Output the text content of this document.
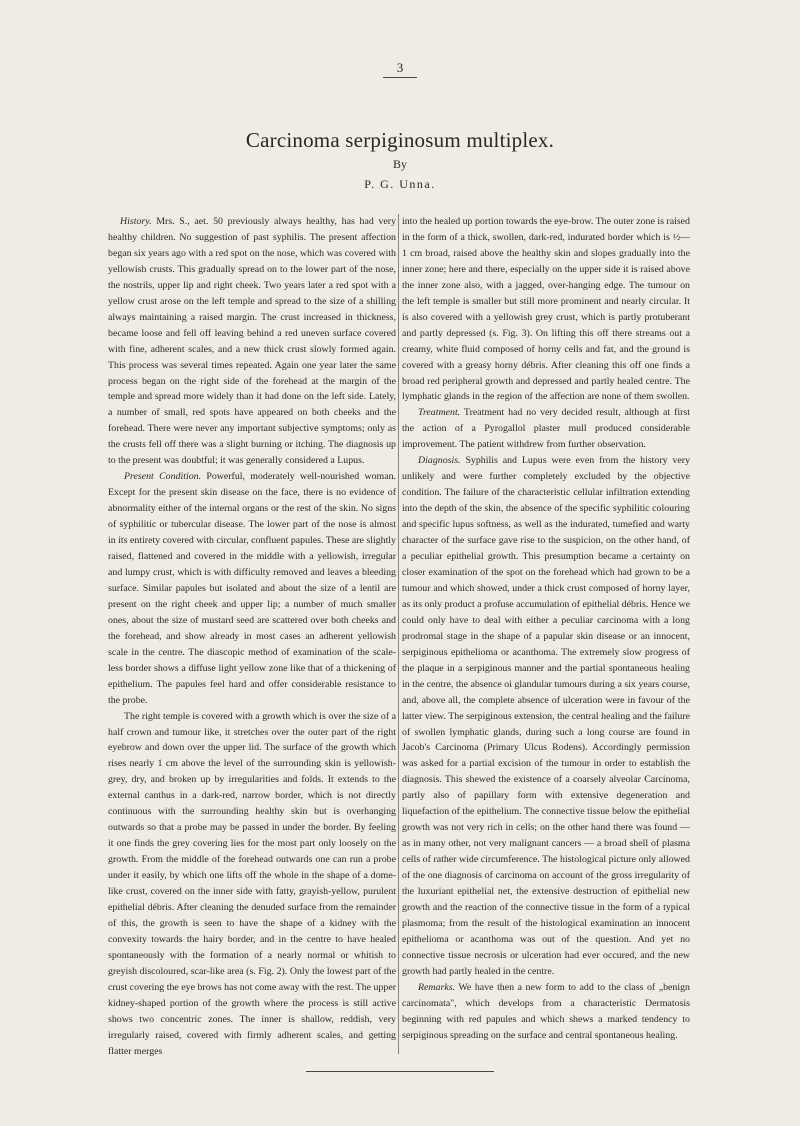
3
Carcinoma serpiginosum multiplex.
By
P. G. Unna.

History. Mrs. S., aet. 50 previously always healthy, has had very healthy children. No suggestion of past syphilis. The present affection began six years ago with a red spot on the nose, which was covered with yellowish crusts. This gradually spread on to the lower part of the nose, the nostrils, upper lip and right cheek. Two years later a red spot with a yellow crust arose on the left temple and spread to the size of a shilling always maintaining a raised margin. The crust increased in thickness, became loose and fell off leaving behind a red uneven surface covered with fine, adherent scales, and a new thick crust slowly formed again. This process was several times repeated. Again one year later the same process began on the right side of the forehead at the margin of the temple and spread more widely than it had done on the left side. Lately, a number of small, red spots have appeared on both cheeks and the forehead. There were never any important subjective symptoms; only as the crusts fell off there was a slight burning or itching. The diagnosis up to the present was doubtful; it was generally considered a Lupus.

Present Condition. Powerful, moderately well-nourished woman. Except for the present skin disease on the face, there is no evidence of abnormality either of the internal organs or the rest of the skin. No signs of syphilitic or tubercular disease. The lower part of the nose is almost in its entirety covered with circular, confluent papules. These are slightly raised, flattened and covered in the middle with a yellowish, irregular and lumpy crust, which is with difficulty removed and leaves a bleeding surface. Similar papules but isolated and about the size of a lentil are present on the right cheek and upper lip; a number of much smaller ones, about the size of mustard seed are scattered over both cheeks and the forehead, and show already in most cases an adherent yellowish scale in the centre. The diascopic method of examination of the scale-less border shows a diffuse light yellow zone like that of a thickening of epithelium. The papules feel hard and offer considerable resistance to the probe.

The right temple is covered with a growth which is over the size of a half crown and tumour like, it stretches over the outer part of the right eyebrow and down over the upper lid. The surface of the growth which rises nearly 1 cm above the level of the surrounding skin is yellowish-grey, dry, and broken up by irregularities and folds. It extends to the external canthus in a dark-red, narrow border, which is not directly continuous with the surrounding healthy skin but is overhanging outwards so that a probe may be passed in under the border. By feeling it one finds the grey covering lies for the most part only loosely on the growth. From the middle of the forehead outwards one can run a probe under it easily, by which one lifts off the whole in the shape of a dome-like crust, covered on the inner side with fatty, grayish-yellow, purulent epithelial débris. After cleaning the denuded surface from the remainder of this, the growth is seen to have the shape of a kidney with the convexity towards the hairy border, and in the centre to have healed spontaneously with the formation of a nearly normal or whitish to greyish discoloured, scar-like area (s. Fig. 2). Only the lowest part of the crust covering the eye brows has not come away with the rest. The upper kidney-shaped portion of the growth where the process is still active shows two concentric zones. The inner is shallow, reddish, very irregularly raised, covered with firmly adherent scales, and getting flatter merges

into the healed up portion towards the eye-brow. The outer zone is raised in the form of a thick, swollen, dark-red, indurated border which is ½—1 cm broad, raised above the healthy skin and slopes gradually into the inner zone; here and there, especially on the upper side it is raised above the inner zone also, with a jagged, over-hanging edge. The tumour on the left temple is smaller but still more prominent and nearly circular. It is also covered with a yellowish grey crust, which is partly protuberant and partly depressed (s. Fig. 3). On lifting this off there streams out a creamy, white fluid composed of horny cells and fat, and the ground is covered with a greasy horny débris. After cleaning this off one finds a broad red peripheral growth and depressed and partly healed centre. The lymphatic glands in the region of the affection are none of them swollen.

Treatment. Treatment had no very decided result, although at first the action of a Pyrogallol plaster mull produced considerable improvement. The patient withdrew from further observation.

Diagnosis. Syphilis and Lupus were even from the history very unlikely and were further completely excluded by the objective condition. The failure of the characteristic cellular infiltration extending into the depth of the skin, the absence of the specific syphilitic colouring and specific lupus softness, as well as the indurated, tumefied and warty character of the surface gave rise to the suspicion, on the other hand, of a peculiar epithelial growth. This presumption became a certainty on closer examination of the spot on the forehead which had grown to be a tumour and which showed, under a thick crust composed of horny layer, as its only product a profuse accumulation of epithelial débris. Hence we could only have to deal with either a peculiar carcinoma with a long prodromal stage in the shape of a papular skin disease or an innocent, serpiginous epithelioma or acanthoma. The extremely slow progress of the plaque in a serpiginous manner and the partial spontaneous healing in the centre, the absence oi glandular tumours during a six years course, and, above all, the complete absence of ulceration were in favour of the latter view. The serpiginous extension, the central healing and the failure of swollen lymphatic glands, during such a long course are found in Jacob's Carcinoma (Primary Ulcus Rodens). Accordingly permission was asked for a partial excision of the tumour in order to establish the diagnosis. This shewed the existence of a coarsely alveolar Carcinoma, partly also of papillary form with extensive degeneration and liquefaction of the epithelium. The connective tissue below the epithelial growth was not very rich in cells; on the other hand there was found — as in many other, not very malignant cancers — a broad shell of plasma cells of rather wide circumference. The histological picture only allowed of the one diagnosis of carcinoma on account of the gross irregularity of the luxuriant epithelial net, the extensive destruction of epithelial new growth and the reaction of the connective tissue in the form of a typical plasmoma; from the result of the histological examination an innocent epithelioma or acanthoma was out of the question. And yet no connective tissue necrosis or ulceration had ever occured, and the new growth had partly healed in the centre.

Remarks. We have then a new form to add to the class of „benign carcinomata", which develops from a characteristic Dermatosis beginning with red papules and which shews a marked tendency to serpiginous spreading on the surface and central spontaneous healing.
